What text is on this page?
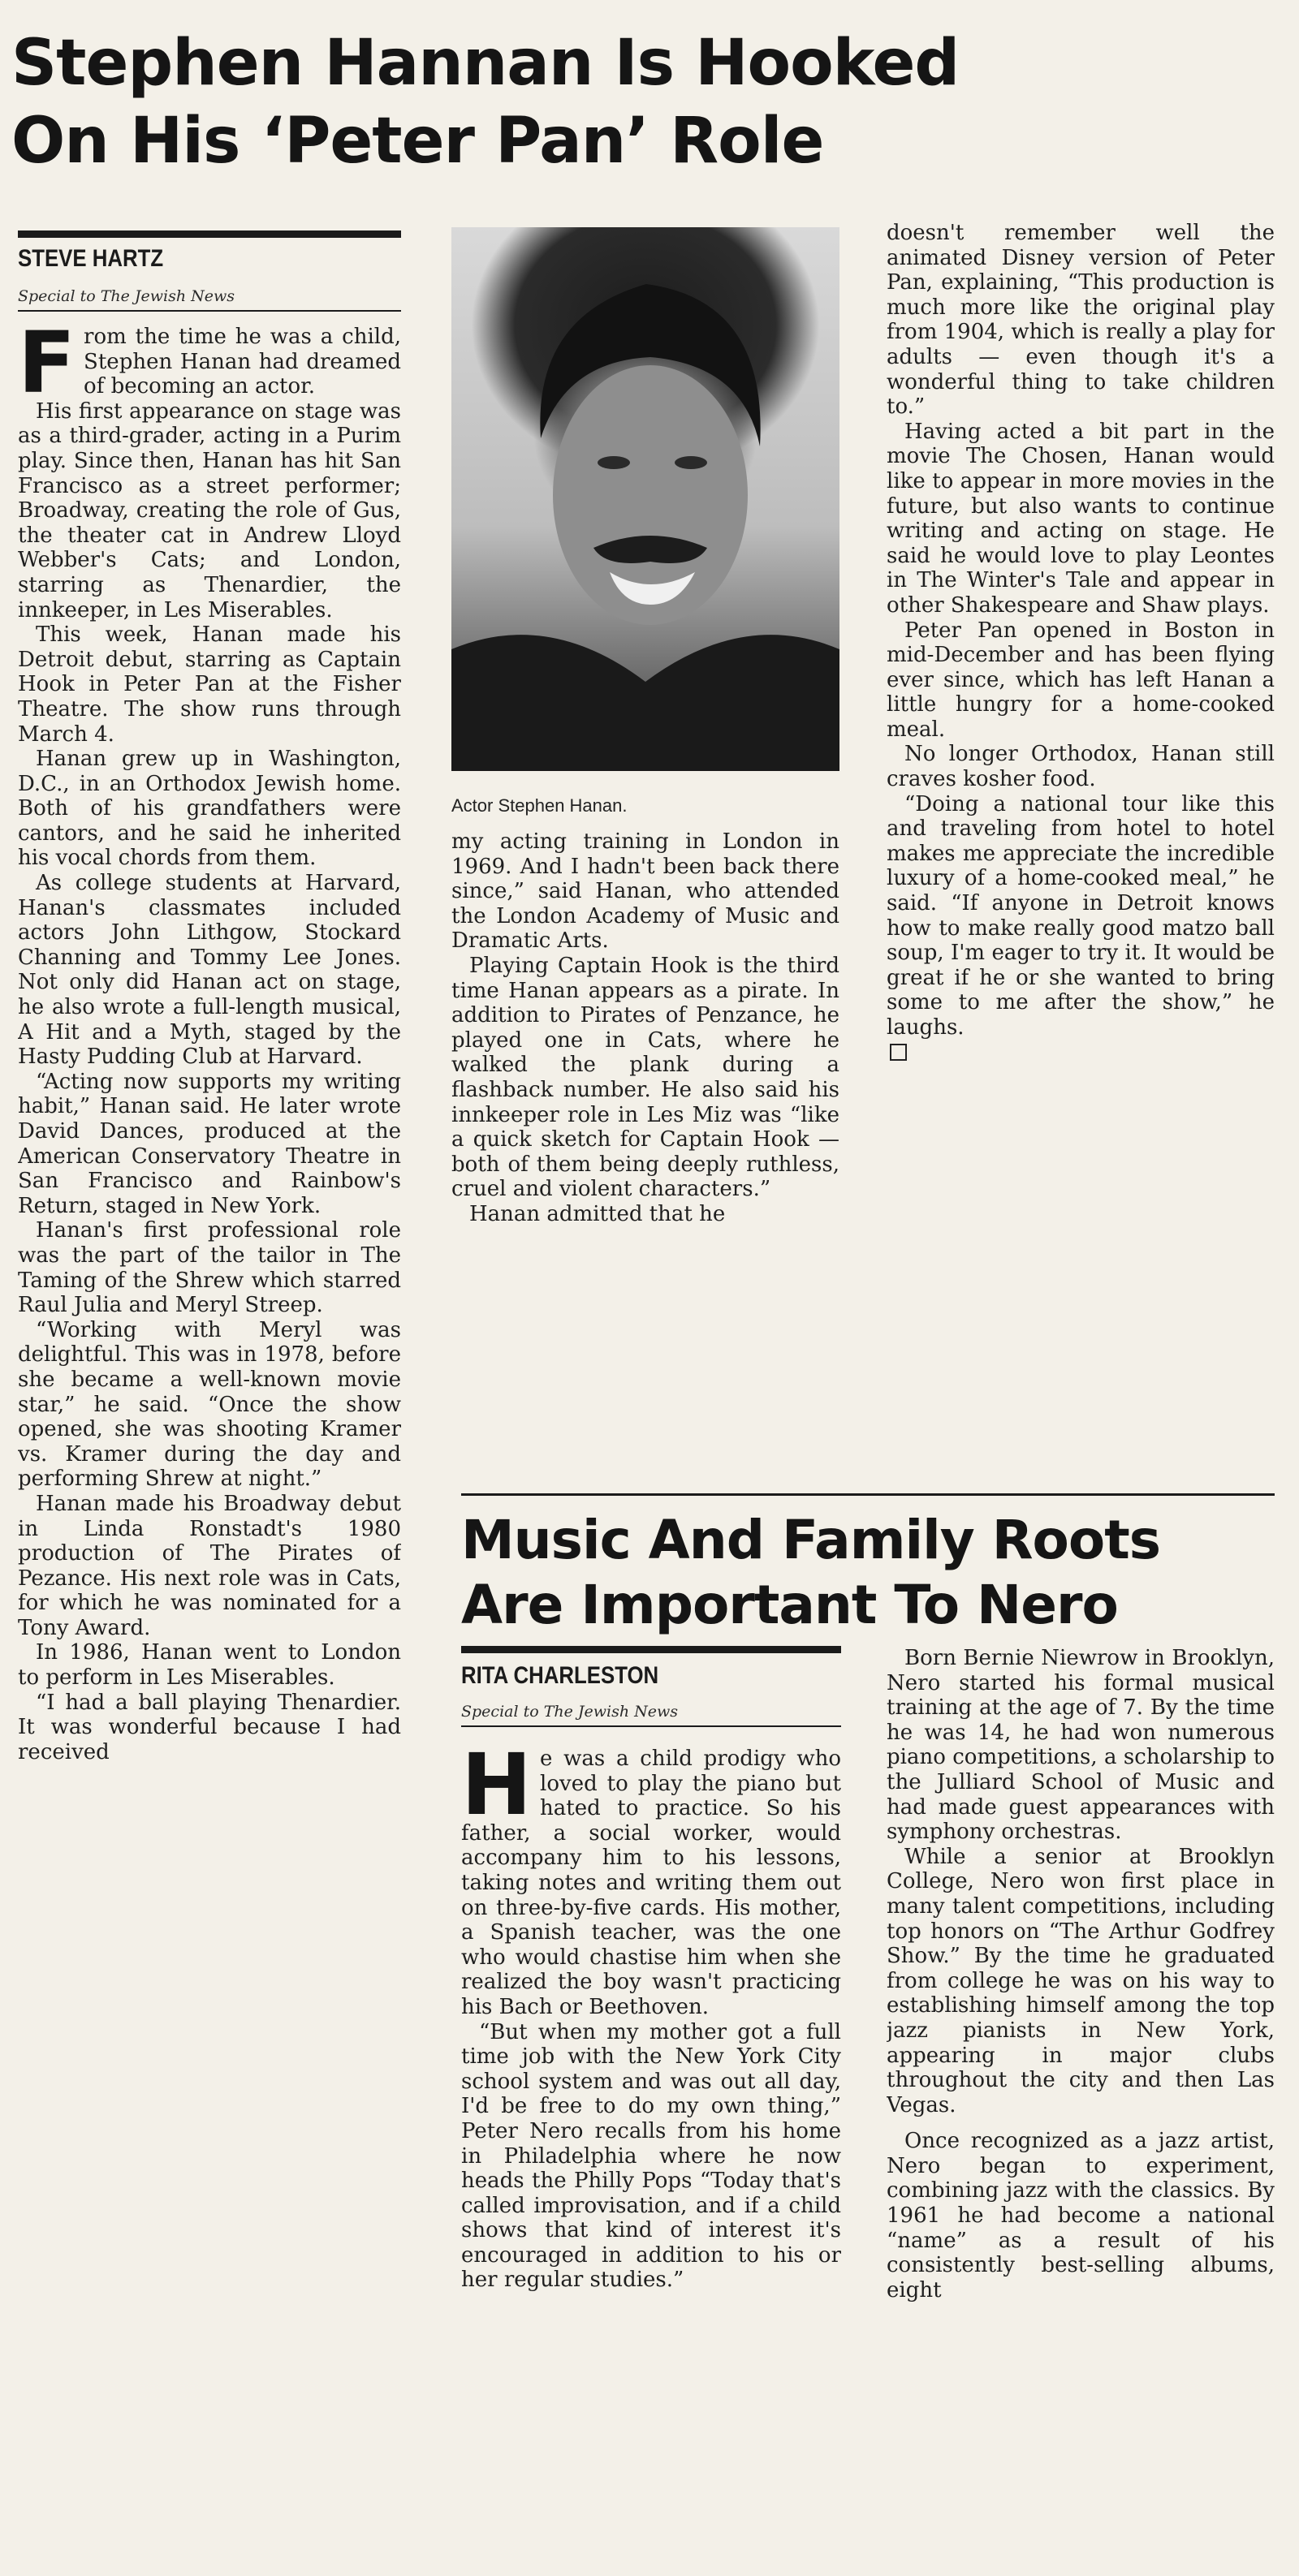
Stephen Hannan Is Hooked
On His ‘Peter Pan’ Role
STEVE HARTZ
Special to The Jewish News
F rom the time he was a child, Stephen Hanan had dreamed of becoming an actor.

His first appearance on stage was as a third-grader, acting in a Purim play. Since then, Hanan has hit San Francisco as a street performer; Broadway, creating the role of Gus, the theater cat in Andrew Lloyd Webber's Cats; and London, starring as Thenardier, the innkeeper, in Les Miserables.

This week, Hanan made his Detroit debut, starring as Captain Hook in Peter Pan at the Fisher Theatre. The show runs through March 4.

Hanan grew up in Washington, D.C., in an Orthodox Jewish home. Both of his grandfathers were cantors, and he said he inherited his vocal chords from them.

As college students at Harvard, Hanan's classmates included actors John Lithgow, Stockard Channing and Tommy Lee Jones. Not only did Hanan act on stage, he also wrote a full-length musical, A Hit and a Myth, staged by the Hasty Pudding Club at Harvard.

“Acting now supports my writing habit,” Hanan said. He later wrote David Dances, produced at the American Conservatory Theatre in San Francisco and Rainbow's Return, staged in New York.

Hanan's first professional role was the part of the tailor in The Taming of the Shrew which starred Raul Julia and Meryl Streep.

“Working with Meryl was delightful. This was in 1978, before she became a well-known movie star,” he said. “Once the show opened, she was shooting Kramer vs. Kramer during the day and performing Shrew at night.”

Hanan made his Broadway debut in Linda Ronstadt's 1980 production of The Pirates of Pezance. His next role was in Cats, for which he was nominated for a Tony Award.

In 1986, Hanan went to London to perform in Les Miserables.

“I had a ball playing Thenardier. It was wonderful because I had received

Actor Stephen Hanan.

my acting training in London in 1969. And I hadn't been back there since,” said Hanan, who attended the London Academy of Music and Dramatic Arts.

Playing Captain Hook is the third time Hanan appears as a pirate. In addition to Pirates of Penzance, he played one in Cats, where he walked the plank during a flashback number. He also said his innkeeper role in Les Miz was “like a quick sketch for Captain Hook — both of them being deeply ruthless, cruel and violent characters.”

Hanan admitted that he

doesn't remember well the animated Disney version of Peter Pan, explaining, “This production is much more like the original play from 1904, which is really a play for adults — even though it's a wonderful thing to take children to.”

Having acted a bit part in the movie The Chosen, Hanan would like to appear in more movies in the future, but also wants to continue writing and acting on stage. He said he would love to play Leontes in The Winter's Tale and appear in other Shakespeare and Shaw plays.

Peter Pan opened in Boston in mid-December and has been flying ever since, which has left Hanan a little hungry for a home-cooked meal.

No longer Orthodox, Hanan still craves kosher food.

“Doing a national tour like this and traveling from hotel to hotel makes me appreciate the incredible luxury of a home-cooked meal,” he said. “If anyone in Detroit knows how to make really good matzo ball soup, I'm eager to try it. It would be great if he or she wanted to bring some to me after the show,” he laughs.

Music And Family Roots
Are Important To Nero
RITA CHARLESTON
Special to The Jewish News
H e was a child prodigy who loved to play the piano but hated to practice. So his father, a social worker, would accompany him to his lessons, taking notes and writing them out on three-by-five cards. His mother, a Spanish teacher, was the one who would chastise him when she realized the boy wasn't practicing his Bach or Beethoven.

“But when my mother got a full time job with the New York City school system and was out all day, I'd be free to do my own thing,” Peter Nero recalls from his home in Philadelphia where he now heads the Philly Pops “Today that's called improvisation, and if a child shows that kind of interest it's encouraged in addition to his or her regular studies.”

Born Bernie Niewrow in Brooklyn, Nero started his formal musical training at the age of 7. By the time he was 14, he had won numerous piano competitions, a scholarship to the Julliard School of Music and had made guest appearances with symphony orchestras.

While a senior at Brooklyn College, Nero won first place in many talent competitions, including top honors on “The Arthur Godfrey Show.” By the time he graduated from college he was on his way to establishing himself among the top jazz pianists in New York, appearing in major clubs throughout the city and then Las Vegas.

Once recognized as a jazz artist, Nero began to experiment, combining jazz with the classics. By 1961 he had become a national “name” as a result of his consistently best-selling albums, eight
